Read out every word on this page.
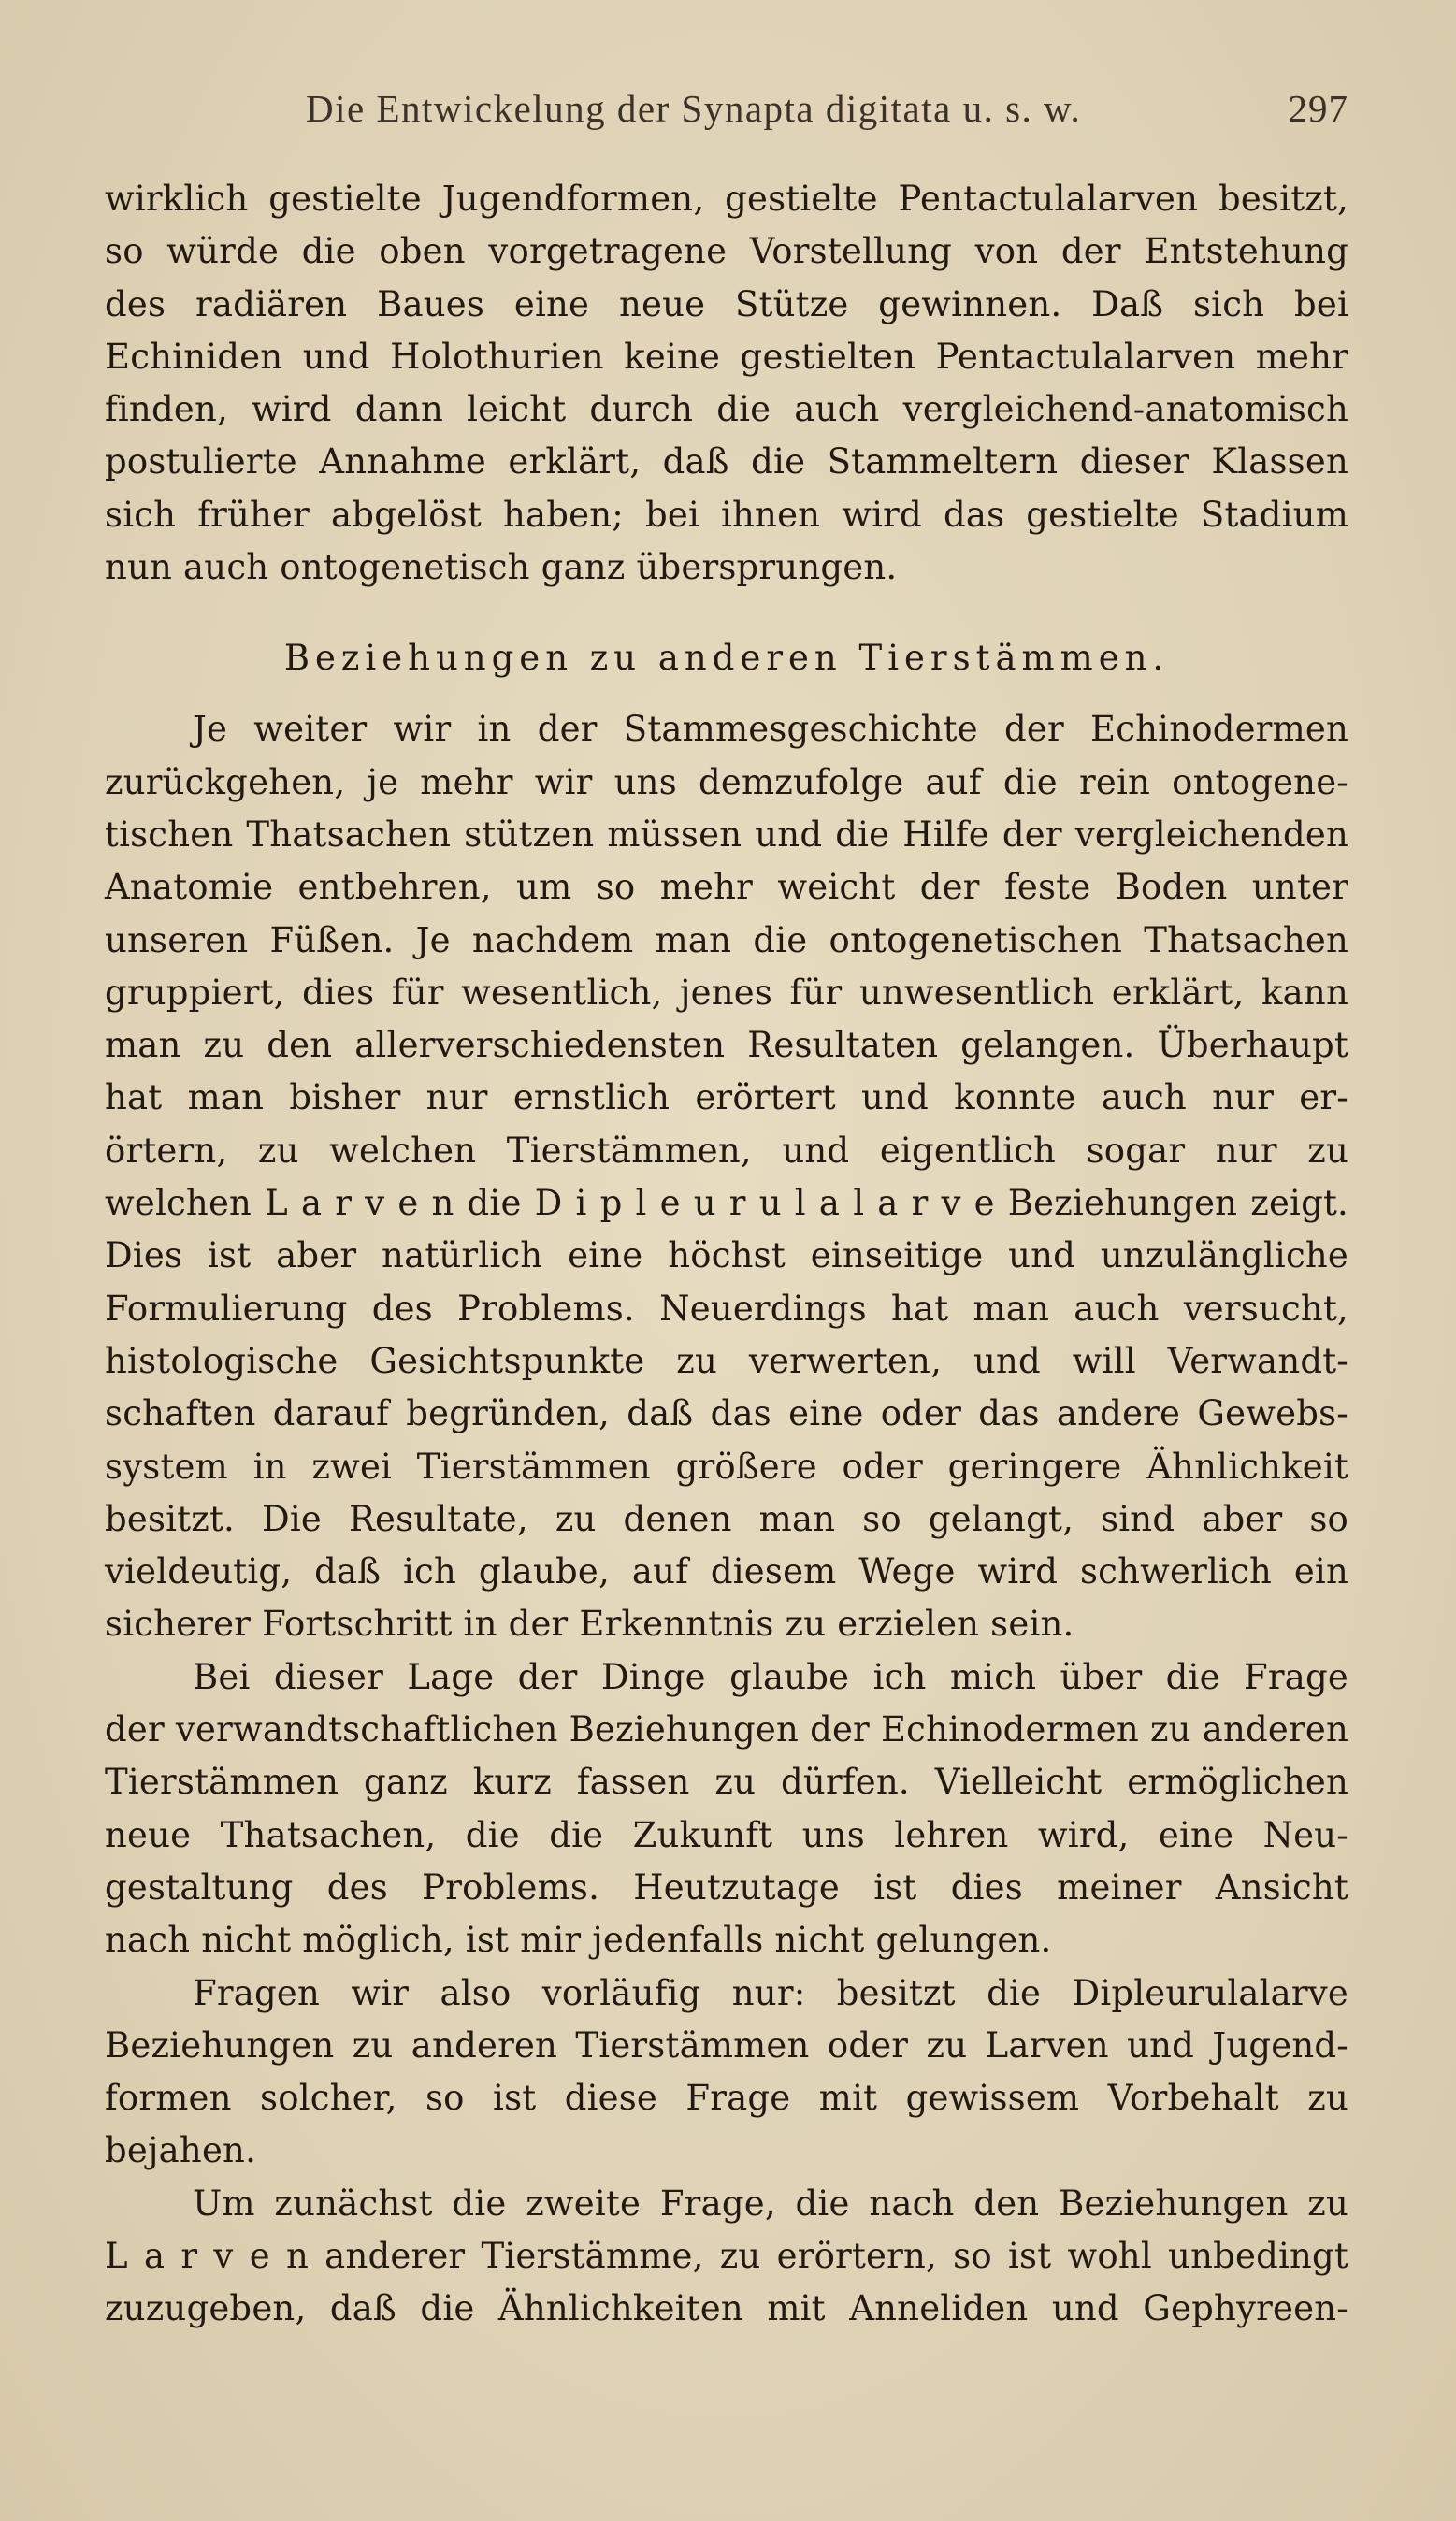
Die Entwickelung der Synapta digitata u. s. w.	297
wirklich gestielte Jugendformen, gestielte Pentactulalarven besitzt,
so würde die oben vorgetragene Vorstellung von der Entstehung
des radiären Baues eine neue Stütze gewinnen. Daß sich bei
Echiniden und Holothurien keine gestielten Pentactulalarven mehr
finden, wird dann leicht durch die auch vergleichend-anatomisch
postulierte Annahme erklärt, daß die Stammeltern dieser Klassen
sich früher abgelöst haben; bei ihnen wird das gestielte Stadium
nun auch ontogenetisch ganz übersprungen.
Beziehungen zu anderen Tierstämmen.
Je weiter wir in der Stammesgeschichte der Echinodermen
zurückgehen, je mehr wir uns demzufolge auf die rein ontogene-
tischen Thatsachen stützen müssen und die Hilfe der vergleichenden
Anatomie entbehren, um so mehr weicht der feste Boden unter
unseren Füßen. Je nachdem man die ontogenetischen Thatsachen
gruppiert, dies für wesentlich, jenes für unwesentlich erklärt, kann
man zu den allerverschiedensten Resultaten gelangen. Überhaupt
hat man bisher nur ernstlich erörtert und konnte auch nur er-
örtern, zu welchen Tierstämmen, und eigentlich sogar nur zu
welchen L a r v e n die D i p l e u r u l a l a r v e Beziehungen zeigt.
Dies ist aber natürlich eine höchst einseitige und unzulängliche
Formulierung des Problems. Neuerdings hat man auch versucht,
histologische Gesichtspunkte zu verwerten, und will Verwandt-
schaften darauf begründen, daß das eine oder das andere Gewebs-
system in zwei Tierstämmen größere oder geringere Ähnlichkeit
besitzt. Die Resultate, zu denen man so gelangt, sind aber so
vieldeutig, daß ich glaube, auf diesem Wege wird schwerlich ein
sicherer Fortschritt in der Erkenntnis zu erzielen sein.
Bei dieser Lage der Dinge glaube ich mich über die Frage
der verwandtschaftlichen Beziehungen der Echinodermen zu anderen
Tierstämmen ganz kurz fassen zu dürfen. Vielleicht ermöglichen
neue Thatsachen, die die Zukunft uns lehren wird, eine Neu-
gestaltung des Problems. Heutzutage ist dies meiner Ansicht
nach nicht möglich, ist mir jedenfalls nicht gelungen.
Fragen wir also vorläufig nur: besitzt die Dipleurulalarve
Beziehungen zu anderen Tierstämmen oder zu Larven und Jugend-
formen solcher, so ist diese Frage mit gewissem Vorbehalt zu
bejahen.
Um zunächst die zweite Frage, die nach den Beziehungen zu
L a r v e n anderer Tierstämme, zu erörtern, so ist wohl unbedingt
zuzugeben, daß die Ähnlichkeiten mit Anneliden und Gephyreen-
